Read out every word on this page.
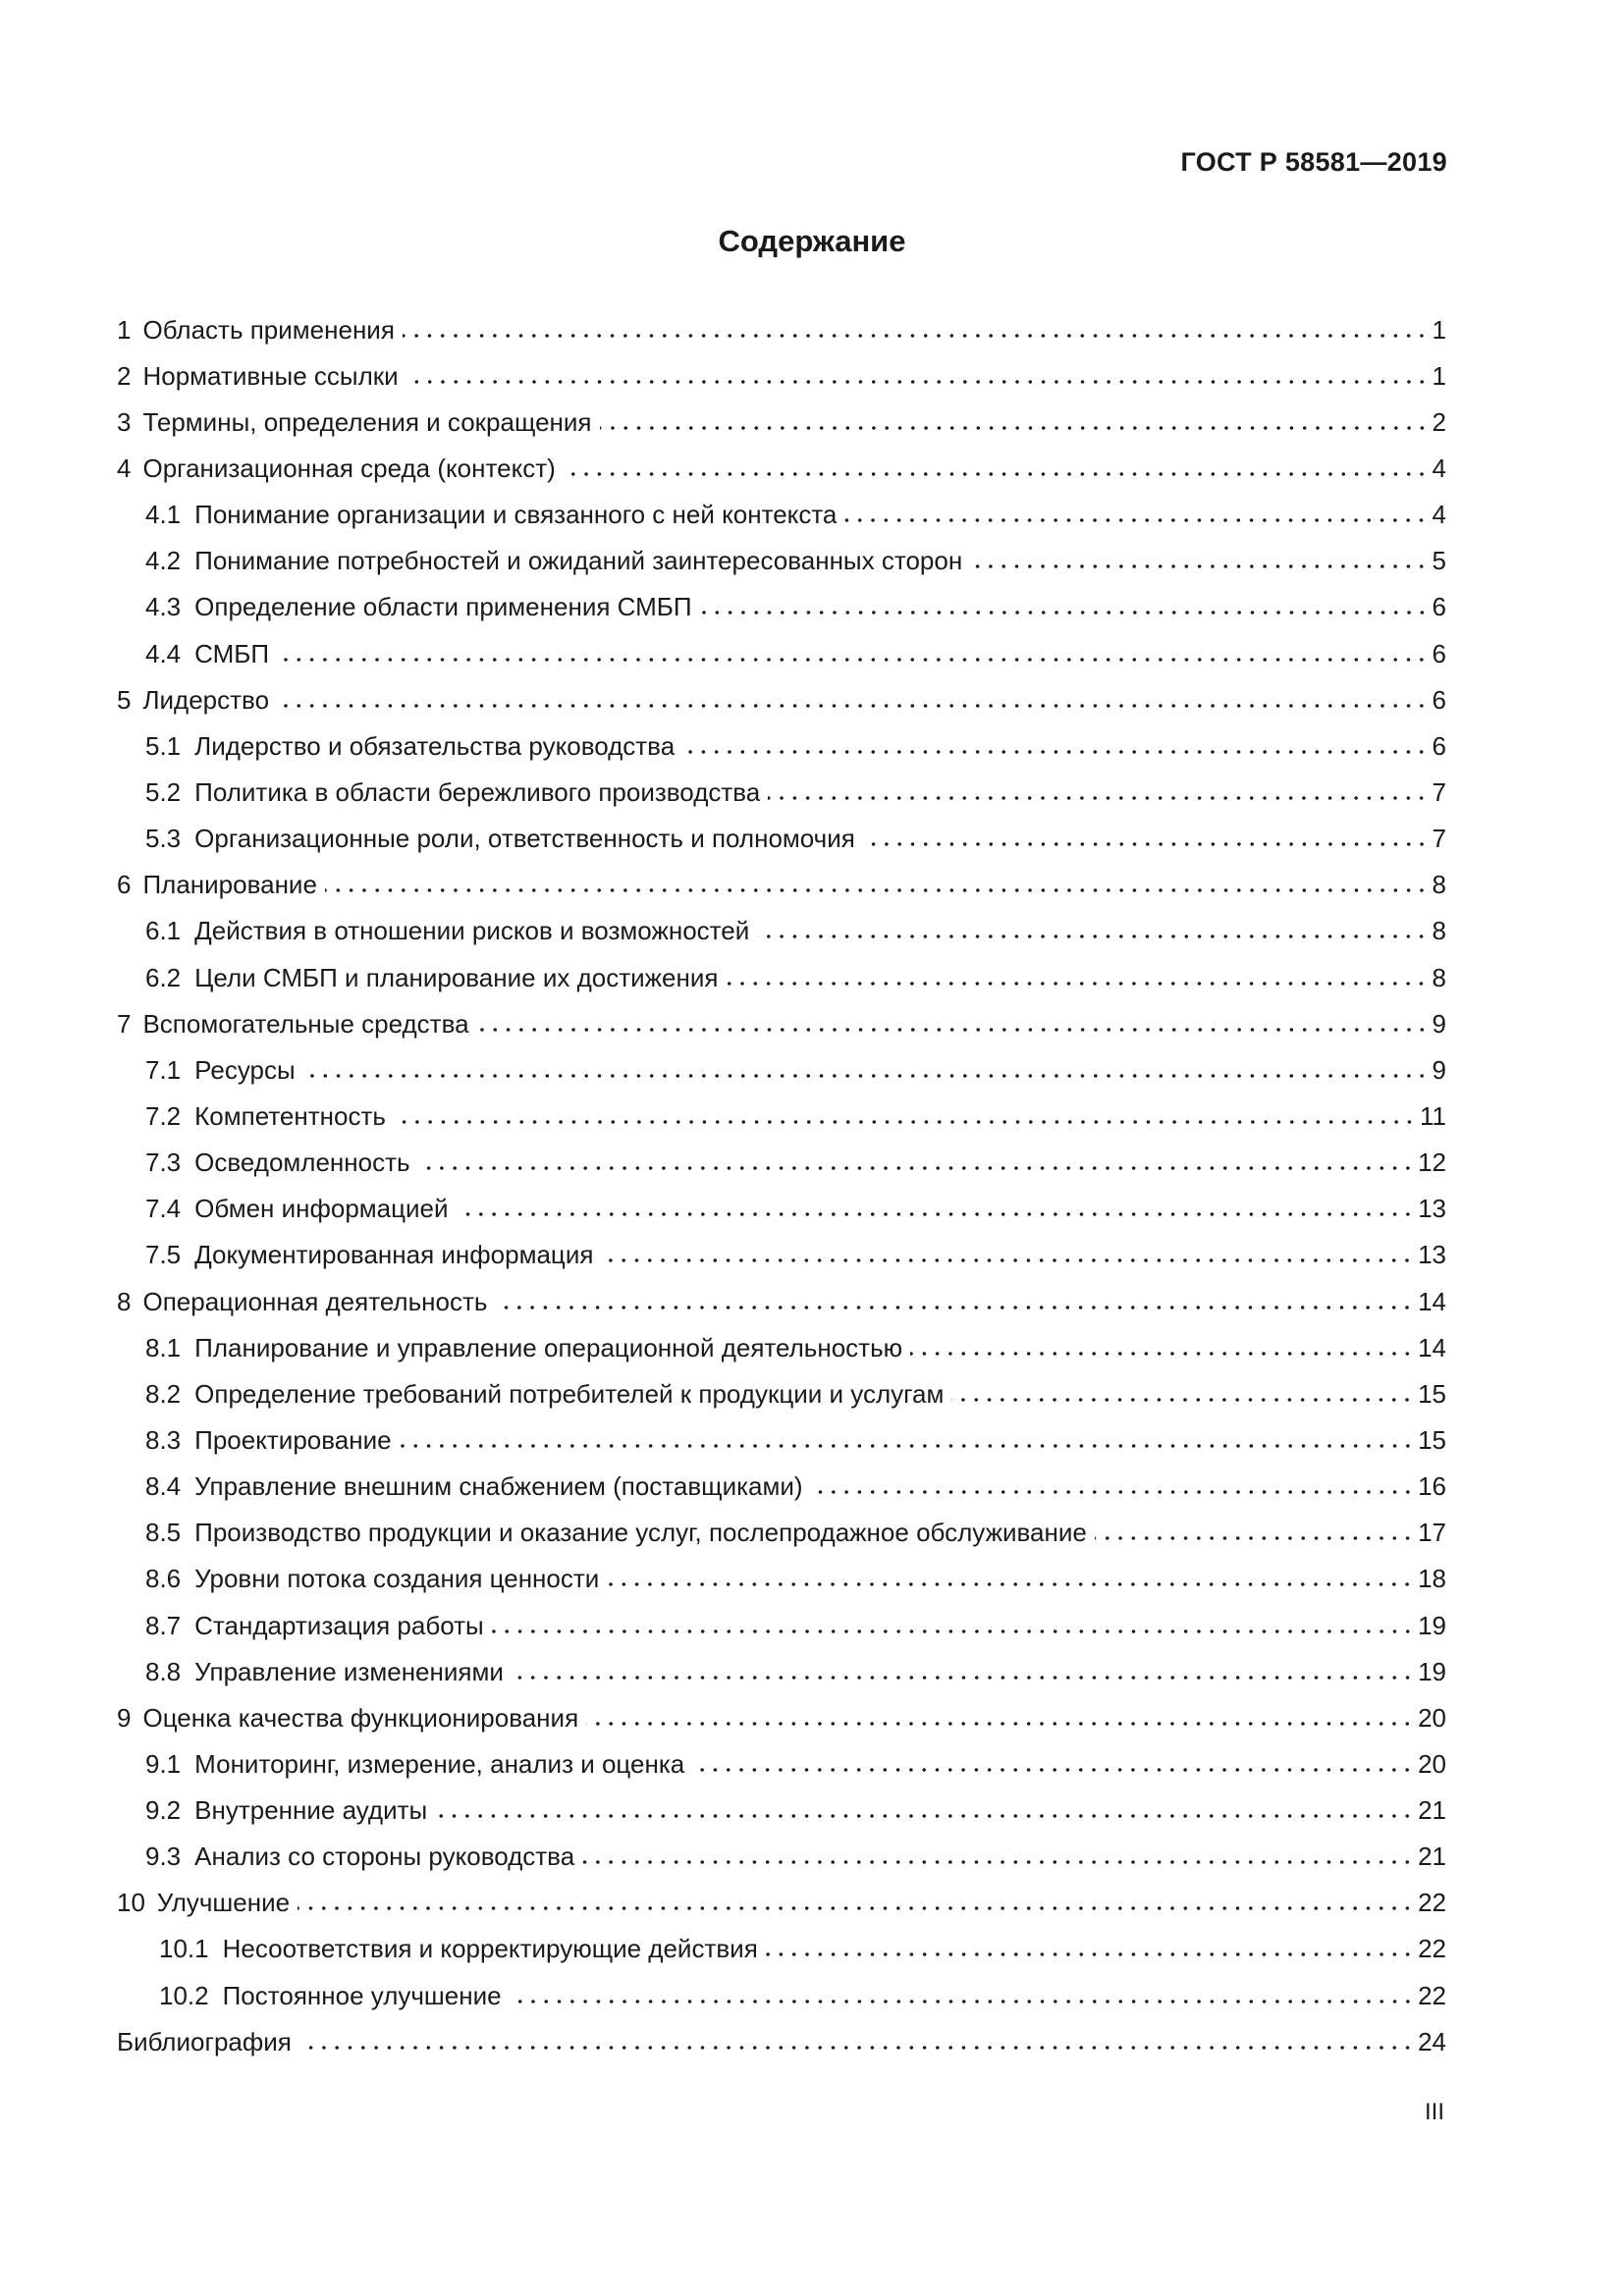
ГОСТ Р 58581—2019
Содержание
1 Область применения	1
2 Нормативные ссылки	1
3 Термины, определения и сокращения	2
4 Организационная среда (контекст)	4
4.1 Понимание организации и связанного с ней контекста	4
4.2 Понимание потребностей и ожиданий заинтересованных сторон	5
4.3 Определение области применения СМБП	6
4.4 СМБП	6
5 Лидерство	6
5.1 Лидерство и обязательства руководства	6
5.2 Политика в области бережливого производства	7
5.3 Организационные роли, ответственность и полномочия	7
6 Планирование	8
6.1 Действия в отношении рисков и возможностей	8
6.2 Цели СМБП и планирование их достижения	8
7 Вспомогательные средства	9
7.1 Ресурсы	9
7.2 Компетентность	11
7.3 Осведомленность	12
7.4 Обмен информацией	13
7.5 Документированная информация	13
8 Операционная деятельность	14
8.1 Планирование и управление операционной деятельностью	14
8.2 Определение требований потребителей к продукции и услугам	15
8.3 Проектирование	15
8.4 Управление внешним снабжением (поставщиками)	16
8.5 Производство продукции и оказание услуг, послепродажное обслуживание	17
8.6 Уровни потока создания ценности	18
8.7 Стандартизация работы	19
8.8 Управление изменениями	19
9 Оценка качества функционирования	20
9.1 Мониторинг, измерение, анализ и оценка	20
9.2 Внутренние аудиты	21
9.3 Анализ со стороны руководства	21
10 Улучшение	22
10.1 Несоответствия и корректирующие действия	22
10.2 Постоянное улучшение	22
Библиография	24
III
